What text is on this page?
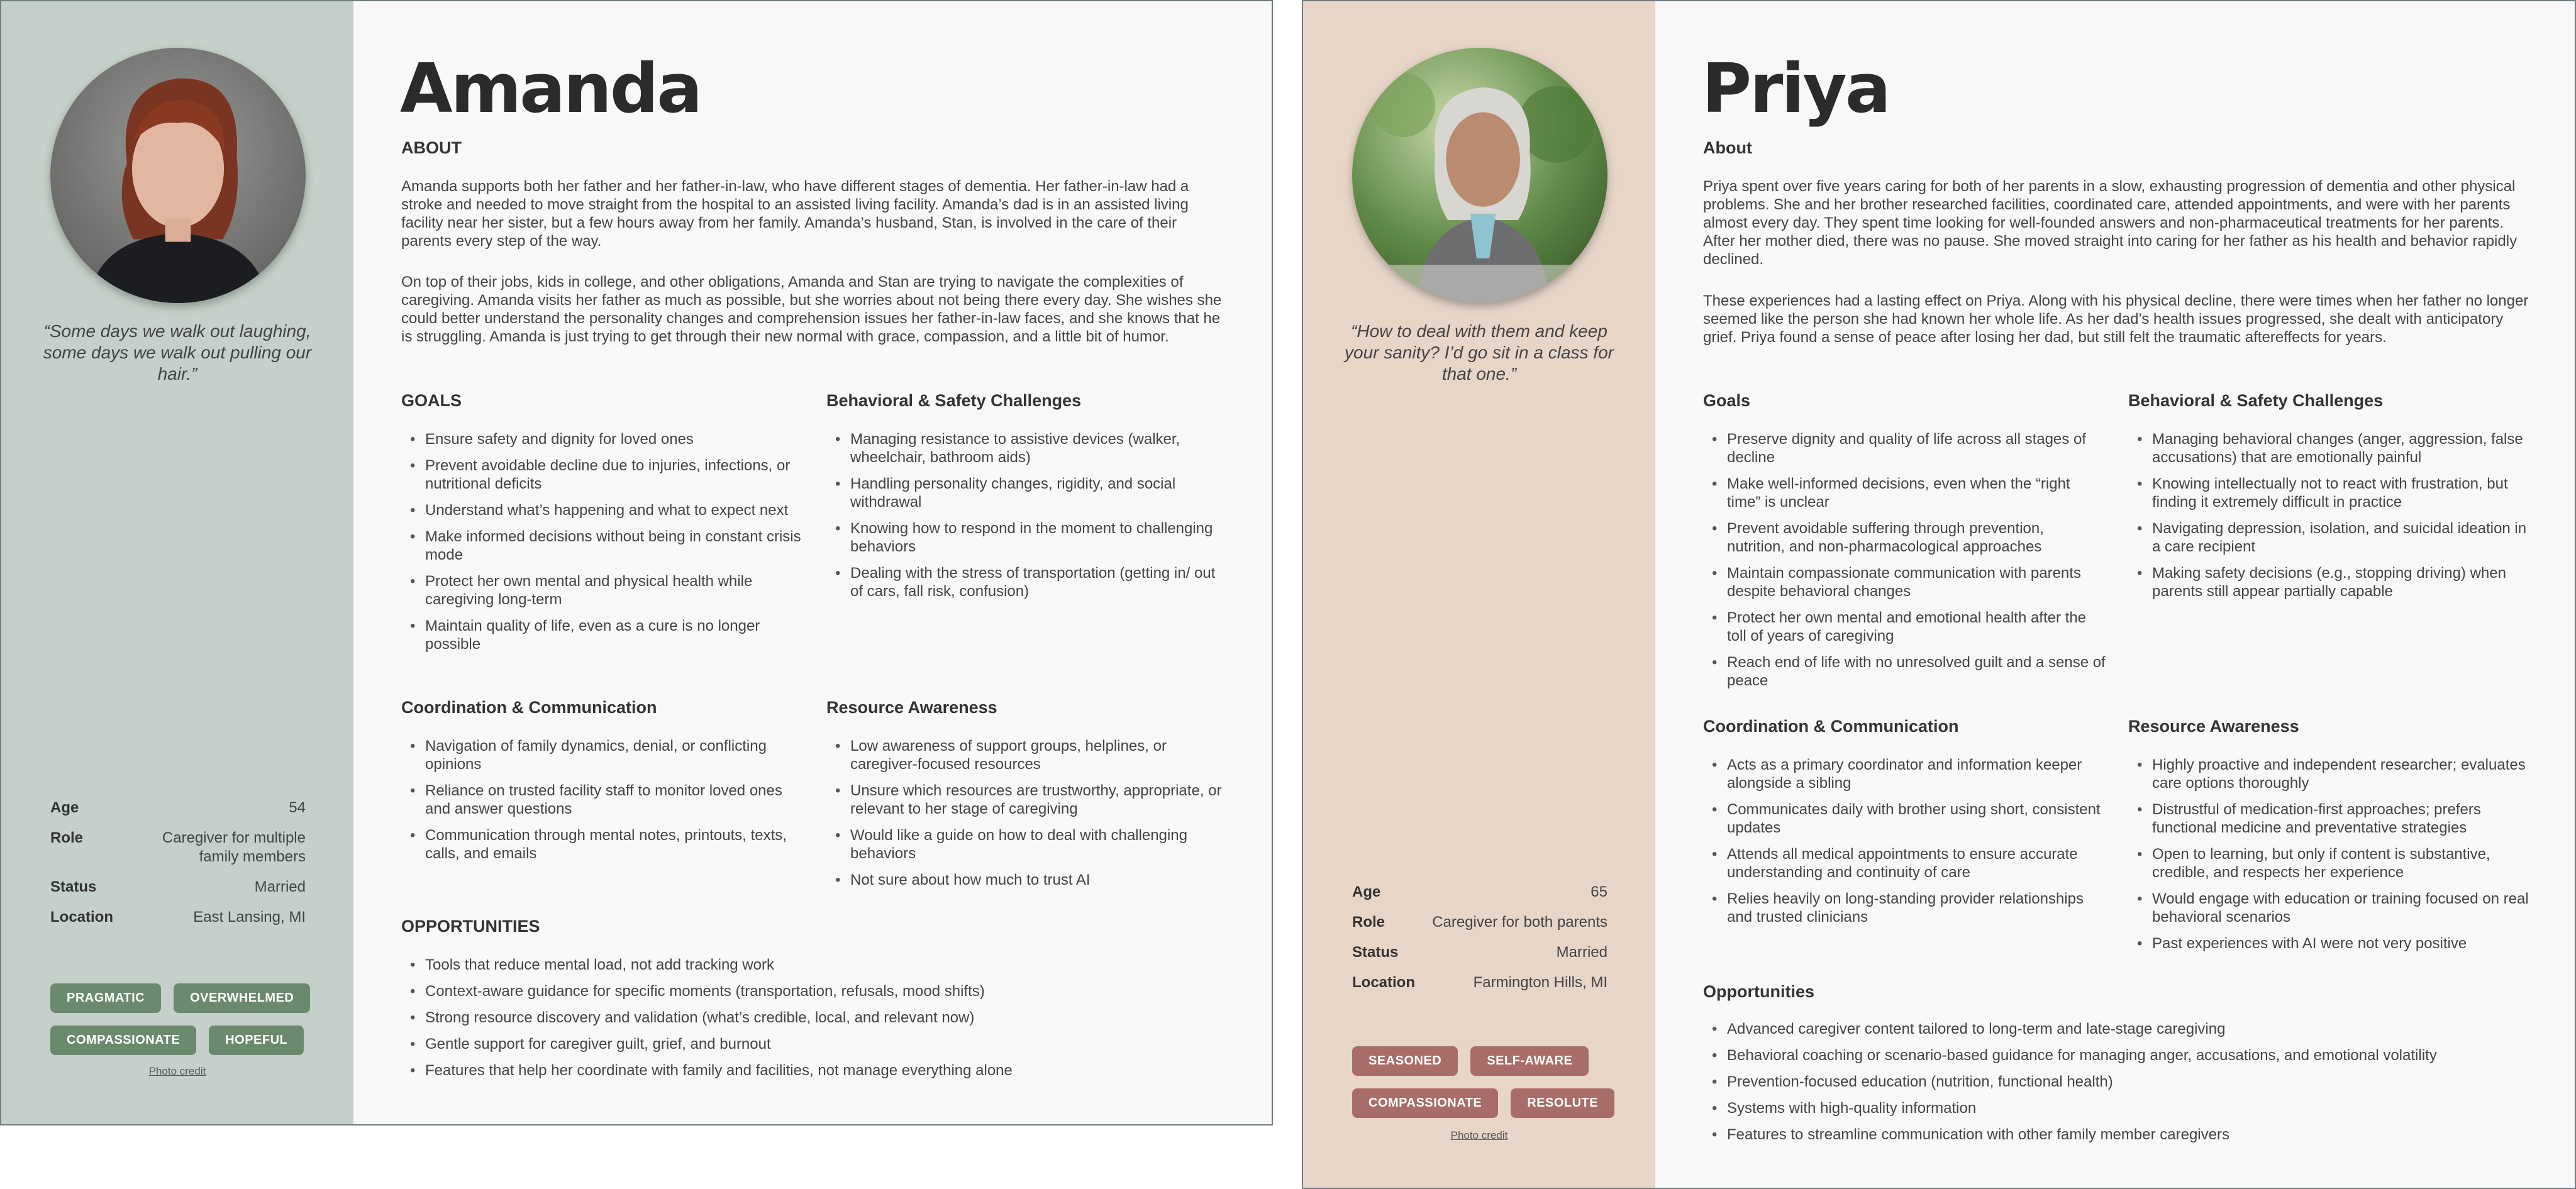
“Some days we walk out laughing, some days we walk out pulling our hair.”
Age	54
Role	Caregiver for multiple family members
Status	Married
Location	East Lansing, MI
PRAGMATIC	OVERWHELMED
COMPASSIONATE	HOPEFUL
Photo credit
Amanda
ABOUT

Amanda supports both her father and her father-in-law, who have different stages of dementia. Her father-in-law had a stroke and needed to move straight from the hospital to an assisted living facility. Amanda’s dad is in an assisted living facility near her sister, but a few hours away from her family. Amanda’s husband, Stan, is involved in the care of their parents every step of the way.

On top of their jobs, kids in college, and other obligations, Amanda and Stan are trying to navigate the complexities of caregiving. Amanda visits her father as much as possible, but she worries about not being there every day. She wishes she could better understand the personality changes and comprehension issues her father-in-law faces, and she knows that he is struggling. Amanda is just trying to get through their new normal with grace, compassion, and a little bit of humor.

GOALS
• Ensure safety and dignity for loved ones
• Prevent avoidable decline due to injuries, infections, or nutritional deficits
• Understand what’s happening and what to expect next
• Make informed decisions without being in constant crisis mode
• Protect her own mental and physical health while caregiving long-term
• Maintain quality of life, even as a cure is no longer possible
Behavioral & Safety Challenges
• Managing resistance to assistive devices (walker, wheelchair, bathroom aids)
• Handling personality changes, rigidity, and social withdrawal
• Knowing how to respond in the moment to challenging behaviors
• Dealing with the stress of transportation (getting in/ out of cars, fall risk, confusion)
Coordination & Communication
• Navigation of family dynamics, denial, or conflicting opinions
• Reliance on trusted facility staff to monitor loved ones and answer questions
• Communication through mental notes, printouts, texts, calls, and emails
Resource Awareness
• Low awareness of support groups, helplines, or caregiver-focused resources
• Unsure which resources are trustworthy, appropriate, or relevant to her stage of caregiving
• Would like a guide on how to deal with challenging behaviors
• Not sure about how much to trust AI
OPPORTUNITIES
• Tools that reduce mental load, not add tracking work
• Context-aware guidance for specific moments (transportation, refusals, mood shifts)
• Strong resource discovery and validation (what’s credible, local, and relevant now)
• Gentle support for caregiver guilt, grief, and burnout
• Features that help her coordinate with family and facilities, not manage everything alone
“How to deal with them and keep your sanity? I’d go sit in a class for that one.”
Age	65
Role	Caregiver for both parents
Status	Married
Location	Farmington Hills, MI
SEASONED	SELF-AWARE
COMPASSIONATE	RESOLUTE
Photo credit
Priya
About

Priya spent over five years caring for both of her parents in a slow, exhausting progression of dementia and other physical problems. She and her brother researched facilities, coordinated care, attended appointments, and were with her parents almost every day. They spent time looking for well-founded answers and non-pharmaceutical treatments for her parents. After her mother died, there was no pause. She moved straight into caring for her father as his health and behavior rapidly declined.

These experiences had a lasting effect on Priya. Along with his physical decline, there were times when her father no longer seemed like the person she had known her whole life. As her dad’s health issues progressed, she dealt with anticipatory grief. Priya found a sense of peace after losing her dad, but still felt the traumatic aftereffects for years.

Goals
• Preserve dignity and quality of life across all stages of decline
• Make well-informed decisions, even when the “right time” is unclear
• Prevent avoidable suffering through prevention, nutrition, and non-pharmacological approaches
• Maintain compassionate communication with parents despite behavioral changes
• Protect her own mental and emotional health after the toll of years of caregiving
• Reach end of life with no unresolved guilt and a sense of peace
Behavioral & Safety Challenges
• Managing behavioral changes (anger, aggression, false accusations) that are emotionally painful
• Knowing intellectually not to react with frustration, but finding it extremely difficult in practice
• Navigating depression, isolation, and suicidal ideation in a care recipient
• Making safety decisions (e.g., stopping driving) when parents still appear partially capable
Coordination & Communication
• Acts as a primary coordinator and information keeper alongside a sibling
• Communicates daily with brother using short, consistent updates
• Attends all medical appointments to ensure accurate understanding and continuity of care
• Relies heavily on long-standing provider relationships and trusted clinicians
Resource Awareness
• Highly proactive and independent researcher; evaluates care options thoroughly
• Distrustful of medication-first approaches; prefers functional medicine and preventative strategies
• Open to learning, but only if content is substantive, credible, and respects her experience
• Would engage with education or training focused on real behavioral scenarios
• Past experiences with AI were not very positive
Opportunities
• Advanced caregiver content tailored to long-term and late-stage caregiving
• Behavioral coaching or scenario-based guidance for managing anger, accusations, and emotional volatility
• Prevention-focused education (nutrition, functional health)
• Systems with high-quality information
• Features to streamline communication with other family member caregivers
